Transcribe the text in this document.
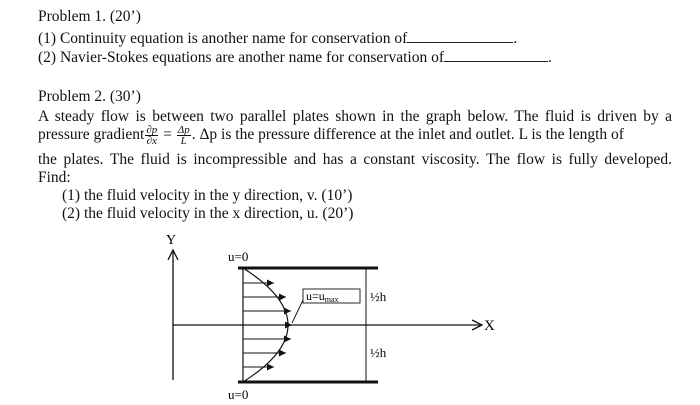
Problem 1. (20’)
(1) Continuity equation is another name for conservation of	.
(2) Navier-Stokes equations are another name for conservation of	.
Problem 2. (30’)
A steady flow is between two parallel plates shown in the graph below. The fluid is driven by a
pressure gradient $\frac{\partial p}{\partial x} = \frac{\Delta p}{L}$ . Δp is the pressure difference at the inlet and outlet. L is the length of
the plates. The fluid is incompressible and has a constant viscosity. The flow is fully developed.
Find:
(1) the fluid velocity in the y direction, v. (10’)
(2) the fluid velocity in the x direction, u. (20’)
Y
X
u=0
u=0
u=umax ½h
½h
